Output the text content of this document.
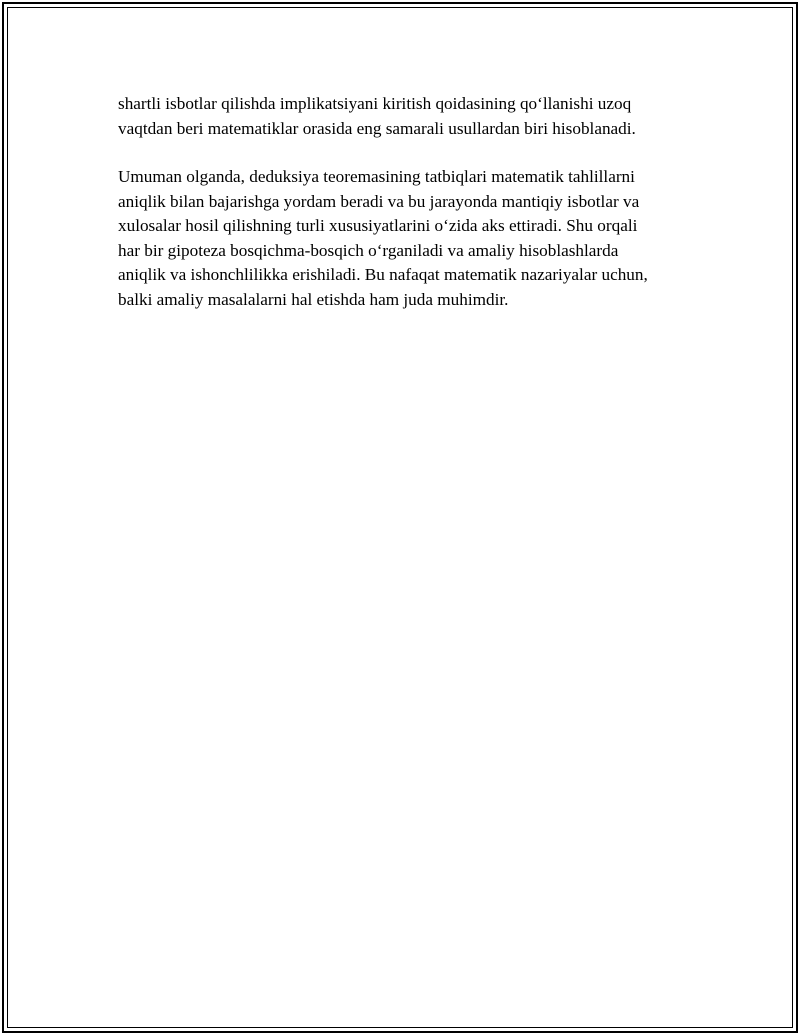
shartli isbotlar qilishda implikatsiyani kiritish qoidasining qo‘llanishi uzoq
vaqtdan beri matematiklar orasida eng samarali usullardan biri hisoblanadi.

Umuman olganda, deduksiya teoremasining tatbiqlari matematik tahlillarni
aniqlik bilan bajarishga yordam beradi va bu jarayonda mantiqiy isbotlar va
xulosalar hosil qilishning turli xususiyatlarini o‘zida aks ettiradi. Shu orqali
har bir gipoteza bosqichma-bosqich o‘rganiladi va amaliy hisoblashlarda
aniqlik va ishonchlilikka erishiladi. Bu nafaqat matematik nazariyalar uchun,
balki amaliy masalalarni hal etishda ham juda muhimdir.
